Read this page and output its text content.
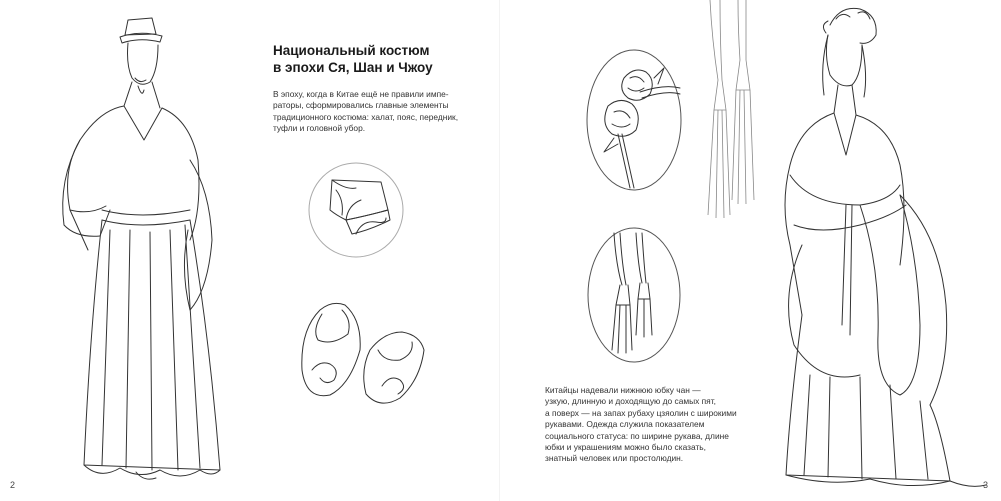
Национальный костюм
в эпохи Ся, Шан и Чжоу
В эпоху, когда в Китае ещё не правили импе-
раторы, сформировались главные элементы
традиционного костюма: халат, пояс, передник,
туфли и головной убор.
2
Китайцы надевали нижнюю юбку чан —
узкую, длинную и доходящую до самых пят,
а поверх — на запах рубаху цзяолин с широкими
рукавами. Одежда служила показателем
социального статуса: по ширине рукава, длине
юбки и украшениям можно было сказать,
знатный человек или простолюдин.
3
